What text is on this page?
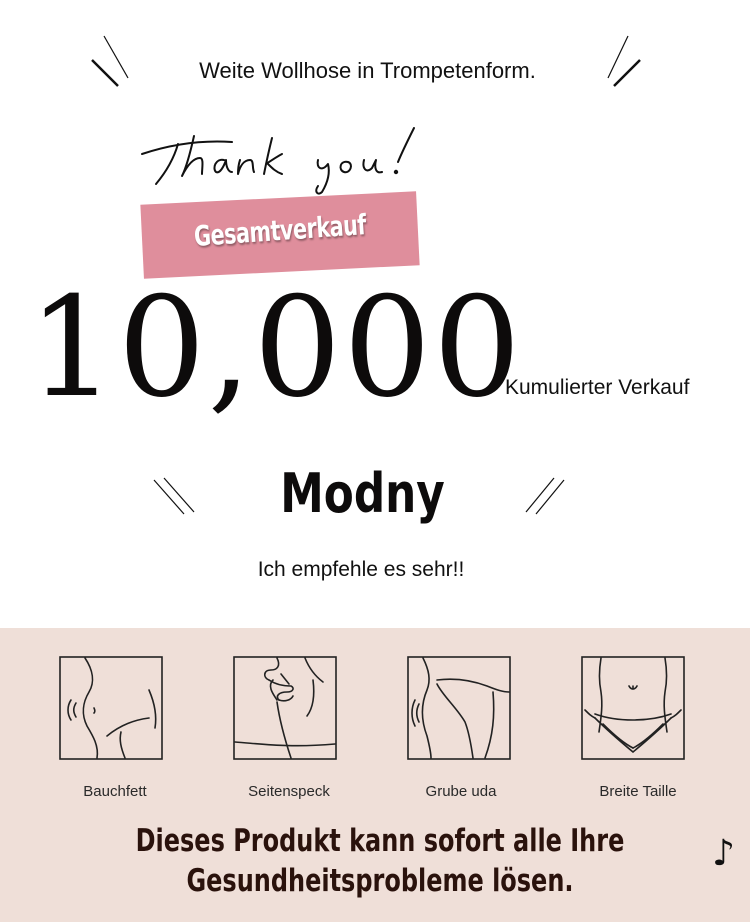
Weite Wollhose in Trompetenform.
Gesamtverkauf
10,000
Kumulierter Verkauf
Modny
Ich empfehle es sehr!!
Bauchfett	Seitenspeck	Grube uda	Breite Taille
Dieses Produkt kann sofort alle Ihre
Gesundheitsprobleme lösen.
♪
